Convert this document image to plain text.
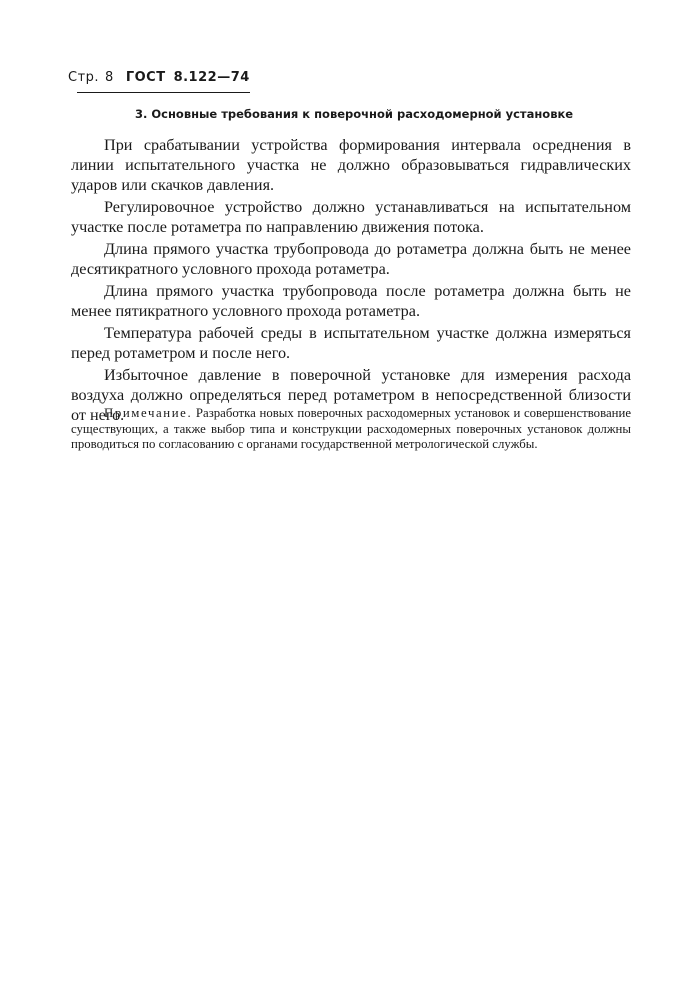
Стр. 8 ГОСТ 8.122—74
3. Основные требования к поверочной расходомерной установке

При срабатывании устройства формирования интервала осреднения в линии испытательного участка не должно образовываться гидравлических ударов или скачков давления.

Регулировочное устройство должно устанавливаться на испытательном участке после ротаметра по направлению движения потока.

Длина прямого участка трубопровода до ротаметра должна быть не менее десятикратного условного прохода ротаметра.

Длина прямого участка трубопровода после ротаметра должна быть не менее пятикратного условного прохода ротаметра.

Температура рабочей среды в испытательном участке должна измеряться перед ротаметром и после него.

Избыточное давление в поверочной установке для измерения расхода воздуха должно определяться перед ротаметром в непосредственной близости от него.

Примечание. Разработка новых поверочных расходомерных установок и совершенствование существующих, а также выбор типа и конструкции расходомерных поверочных установок должны проводиться по согласованию с органами государственной метрологической службы.
